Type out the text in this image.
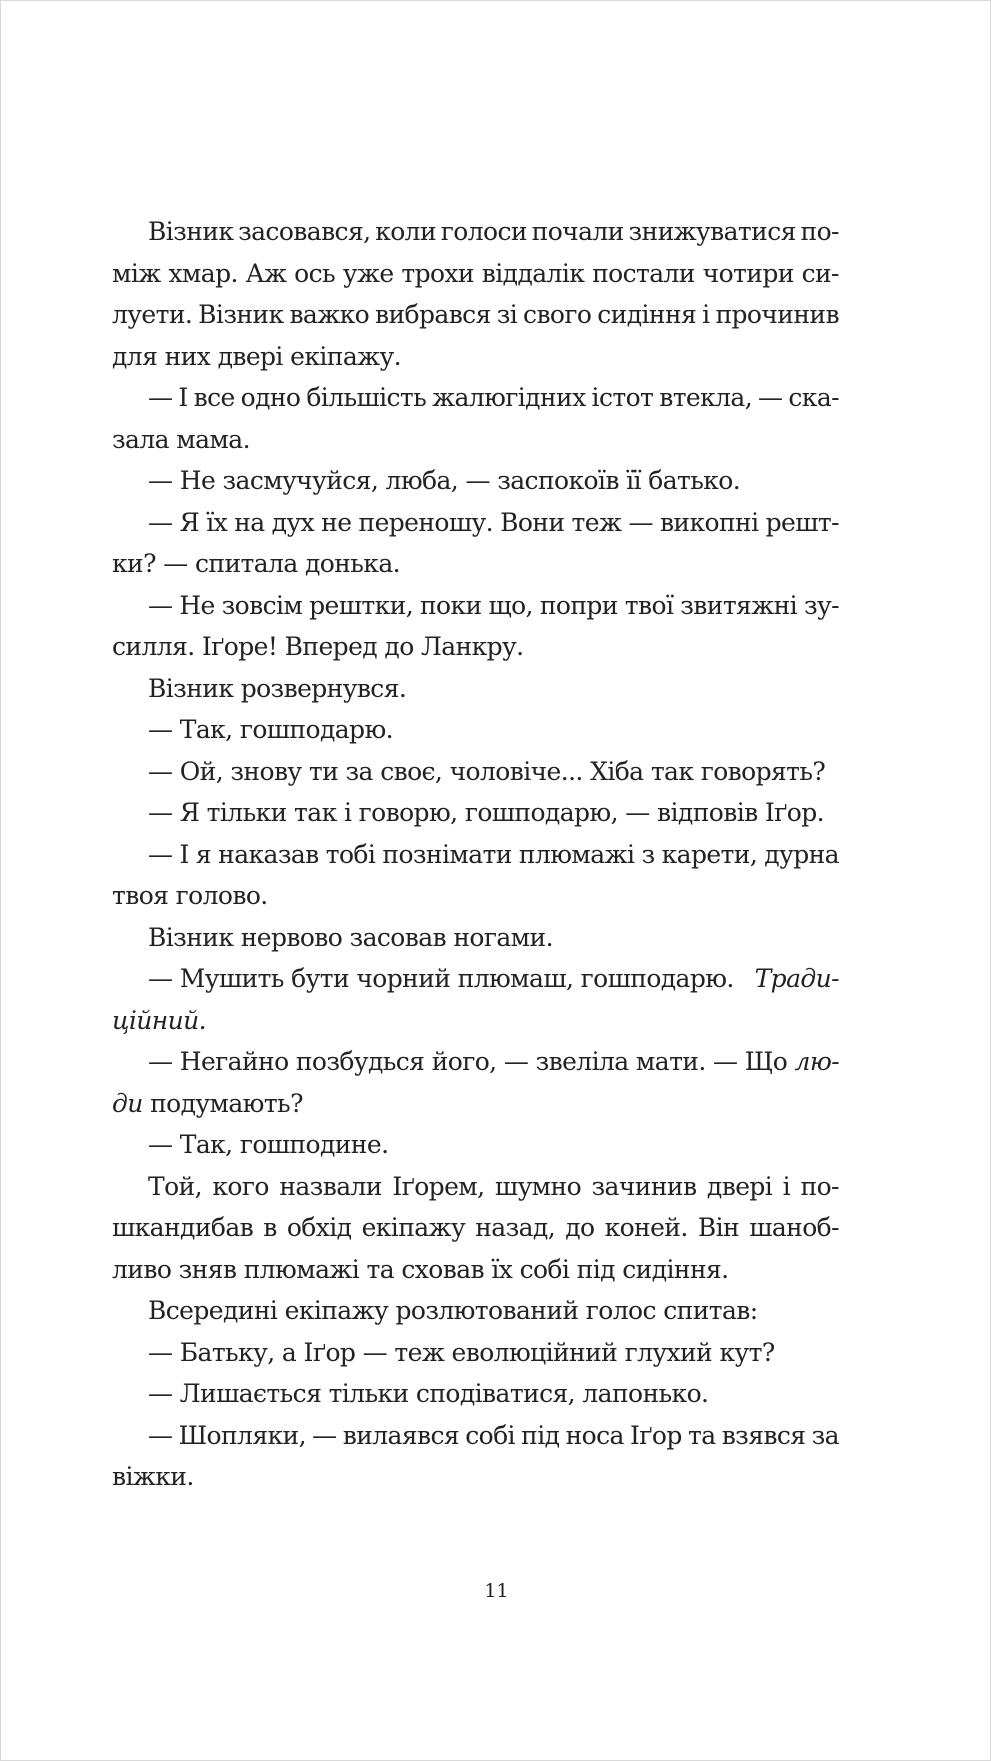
Візник засовався, коли голоси почали знижуватися по-
між хмар. Аж ось уже трохи віддалік постали чотири си-
луети. Візник важко вибрався зі свого сидіння і прочинив
для них двері екіпажу.
— І все одно більшість жалюгідних істот втекла, — ска-
зала мама.
— Не засмучуйся, люба, — заспокоїв її батько.
— Я їх на дух не переношу. Вони теж — викопні решт-
ки? — спитала донька.
— Не зовсім рештки, поки що, попри твої звитяжні зу-
силля. Іґоре! Вперед до Ланкру.
Візник розвернувся.
— Так, гошподарю.
— Ой, знову ти за своє, чоловіче... Хіба так говорять?
— Я тільки так і говорю, гошподарю, — відповів Іґор.
— І я наказав тобі познімати плюмажі з карети, дурна
твоя голово.
Візник нервово засовав ногами.
— Мушить бути чорний плюмаш, гошподарю. Тради-
ційний.
— Негайно позбудься його, — звеліла мати. — Що лю-
ди подумають?
— Так, гошподине.
Той, кого назвали Іґорем, шумно зачинив двері і по-
шкандибав в обхід екіпажу назад, до коней. Він шаноб-
ливо зняв плюмажі та сховав їх собі під сидіння.
Всередині екіпажу розлютований голос спитав:
— Батьку, а Іґор — теж еволюційний глухий кут?
— Лишається тільки сподіватися, лапонько.
— Шопляки, — вилаявся собі під носа Іґор та взявся за
віжки.
11
